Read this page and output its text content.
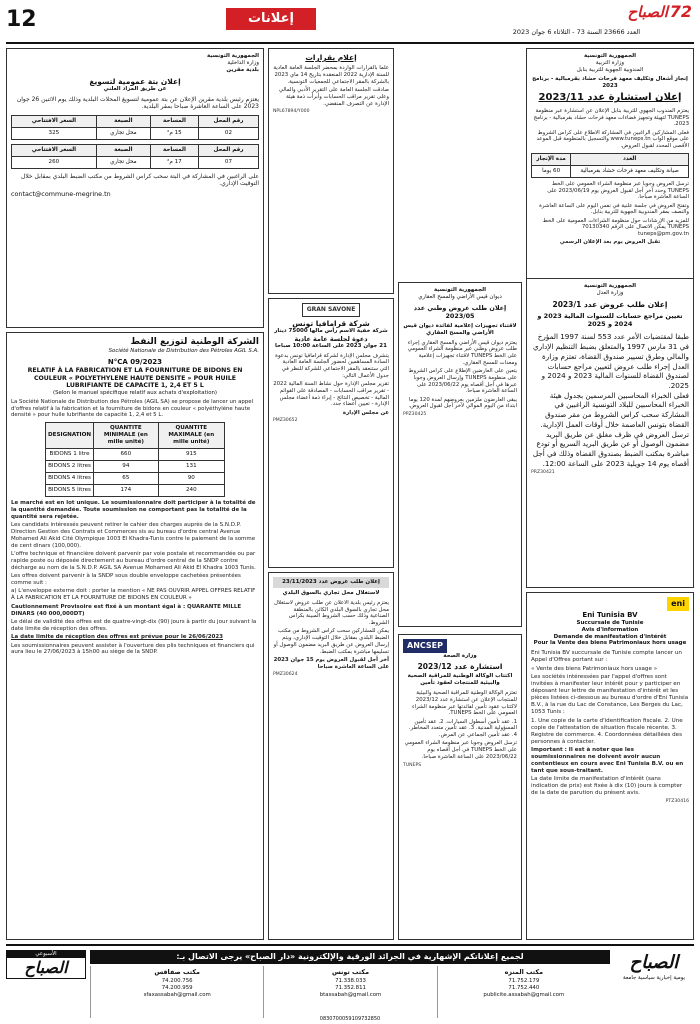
12	إعلانات
العدد 23666 السنة 73 - الثلاثاء 6 جوان 2023
72 الصباح
الجمهورية التونسية
وزارة التربية
المندوبية الجهوية للتربية بنابل
إنجاز أشغال وتكليف معهد فرحات حشاد بقرمبالية - برنامج 2023
إعلان استشارة عدد 2023/11

يعتزم المندوب الجهوي للتربية بنابل الإعلان عن استشارة عبر منظومة TUNEPS لتهيئة وتجهيز فضاءات معهد فرحات حشاد بقرمبالية - برنامج 2023.

فعلى المشاركين الراغبين في المشاركة الاطلاع على كراس الشروط على موقع الواب www.tuneps.tn والتسجيل بالمنظومة قبل الموعد الأقصى المحدد لقبول العروض.

العدد	مدة الإنجاز
صيانة وتكليف معهد فرحات حشاد بقرمبالية	60 يوما

ترسل العروض وجوبا عبر منظومة الشراء العمومي على الخط TUNEPS وحدد آخر أجل لقبول العروض يوم 2023/06/19 على الساعة العاشرة صباحا.

وتفتح العروض في جلسة علنية في نفس اليوم على الساعة العاشرة والنصف بمقر المندوبية الجهوية للتربية بنابل.

للمزيد من الإرشادات حول منظومة الشراءات العمومية على الخط TUNEPS يمكن الاتصال على الرقم 70130340 tuneps@pm.gov.tn

تقبل العروض يوم بعد الإعلان الرسمي

الجمهورية التونسية
وزارة العدل
إعلان طلب عروض عدد 2023/1
تعيين مراجع حسابات للسنوات المالية 2023 و 2024 و 2025

طبقا لمقتضيات الأمر عدد 553 لسنة 1997 المؤرخ في 31 مارس 1997 والمتعلق بضبط التنظيم الإداري والمالي وطرق تسيير صندوق القضاة، تعتزم وزارة العدل إجراء طلب عروض لتعيين مراجع حسابات لصندوق القضاة للسنوات المالية 2023 و 2024 و 2025.

فعلى الخبراء المحاسبين المرسمين بجدول هيئة الخبراء المحاسبين للبلاد التونسية الراغبين في المشاركة سحب كراس الشروط من مقر صندوق القضاة بتونس العاصمة خلال أوقات العمل الإدارية.

ترسل العروض في ظرف مغلق عن طريق البريد مضمون الوصول أو عن طريق البريد السريع أو تودع مباشرة بمكتب الضبط بصندوق القضاة وذلك في أجل أقصاه يوم 14 جويلية 2023 على الساعة 12:00.

PRZ30421
eni
Eni Tunisia BV
Succursale de Tunisie
Avis d'information
Demande de manifestation d'intérêt
Pour la Vente des biens Patrimoniaux hors usage

Eni Tunisia BV succursale de Tunisie compte lancer un Appel d'Offres portant sur :

« Vente des biens Patrimoniaux hors usage »

Les sociétés intéressées par l'appel d'offres sont invitées à manifester leur intérêt pour y participer en déposant leur lettre de manifestation d'intérêt et les pièces listées ci-dessous au bureau d'ordre d'Eni Tunisia B.V., à la rue du Lac de Constance, Les Berges du Lac, 1053 Tunis :

1. Une copie de la carte d'identification fiscale. 2. Une copie de l'attestation de situation fiscale récente. 3. Registre de commerce. 4. Coordonnées détaillées des personnes à contacter.

Important : Il est à noter que les soumissionnaires ne doivent avoir aucun contentieux en cours avec Eni Tunisia B.V. ou en tant que sous-traitant.

La date limite de manifestation d'intérêt (sans indication de prix) est fixée à dix (10) jours à compter de la date de parution du présent avis.

PTZ30416
الجمهورية التونسية
ديوان قيس الأراضي والمسح العقاري
إعلان طلب عروض وطني عدد 2023/05
لاقتناء تجهيزات إعلامية لفائدة ديوان قيس الأراضي والمسح العقاري

يعتزم ديوان قيس الأراضي والمسح العقاري إجراء طلب عروض وطني عبر منظومة الشراء العمومي على الخط TUNEPS لاقتناء تجهيزات إعلامية ومعدات للمسح العقاري.

يتعين على العارضين الإطلاع على كراس الشروط على منظومة TUNEPS وإرسال العروض وجوبا عبرها في أجل أقصاه يوم 2023/06/22 على الساعة العاشرة صباحا.

يبقى العارضون ملزمين بعروضهم لمدة 120 يوما ابتداء من اليوم الموالي لآخر أجل لقبول العروض.

PPZ30425
ANCSEP
وزارة الصحة
استشارة عدد 2023/12
اكتتاب الوكالة الوطنية للمراقبة الصحية والبيئية للمنتجات لعقود تأمين

تعتزم الوكالة الوطنية للمراقبة الصحية والبيئية للمنتجات الإعلان عن استشارة عدد 2023/12 لاكتتاب عقود تأمين لفائدتها عبر منظومة الشراء العمومي على الخط TUNEPS.

1. عقد تأمين أسطول السيارات. 2. عقد تأمين المسؤولية المدنية. 3. عقد تأمين متعدد المخاطر. 4. عقد تأمين الجماعي عن المرض.

ترسل العروض وجوبا عبر منظومة الشراء العمومي على الخط TUNEPS في أجل أقصاه يوم 2023/06/22 على الساعة العاشرة صباحا.

TUNEPS
إعلام بقرارات

علما بالقرارات الواردة بمحضر الجلسة العامة العادية للسنة الإدارية 2022 المنعقدة بتاريخ 14 ماي 2023 بالشركة بالمقر الاجتماعي للجمعيات التونسية.

صادقت الجلسة العامة على التقرير الأدبي والمالي وعلى تقرير مراقب الحسابات وأبرأت ذمة هيئة الإدارة عن التصرف المنقضي.

NPL67894/Y000
GRAN SAVONE
شركة قرامافيا تونس
شركة خفية الاسم رأس مالها 75000 دينار
دعوة لجلسة عامة عادية
21 جوان 2023 على الساعة 10:00 صباحا

يتشرف مجلس الإدارة لشركة قرامافيا تونس بدعوة السادة المساهمين لحضور الجلسة العامة العادية التي ستنعقد بالمقر الاجتماعي للشركة للنظر في جدول الأعمال التالي:

تقرير مجلس الإدارة حول نشاط السنة المالية 2022 - تقرير مراقب الحسابات - المصادقة على القوائم المالية - تخصيص النتائج - إبراء ذمة أعضاء مجلس الإدارة - تعيين أعضاء جدد.

عن مجلس الإدارة

PMZ30652
إعلان طلب عروض عدد 23/11/2023
لاستغلال محل تجاري بالسوق البلدي

يعتزم رئيس بلدية الاعلان عن طلب عروض لاستغلال محل تجاري بالسوق البلدي الكائن بالمنطقة الصناعية وذلك حسب الشروط المبينة بكراس الشروط.

يمكن للمشاركين سحب كراس الشروط من مكتب الضبط البلدي بمقابل خلال التوقيت الإداري، ويتم إرسال العروض عن طريق البريد مضمون الوصول أو تسليمها مباشرة بمكتب الضبط.

آخر أجل لقبول العروض يوم 15 جوان 2023 على الساعة العاشرة صباحا

PMZ30624
الجمهورية التونسية
وزارة الداخلية
بلدية مقرين
إعلان بتة عمومية لتسويغ
عن طريق المزاد العلني

يعتزم رئيس بلدية مقرين الإعلان عن بتة عمومية لتسويغ المحلات البلدية وذلك يوم الاثنين 26 جوان 2023 على الساعة العاشرة صباحا بمقر البلدية.

رقم المحل	المساحة	الصبغة	السعر الافتتاحي
02	15 م²	محل تجاري	325
رقم المحل	المساحة	الصبغة	السعر الافتتاحي
07	17 م²	محل تجاري	260

على الراغبين في المشاركة في البتة سحب كراس الشروط من مكتب الضبط البلدي بمقابل خلال التوقيت الإداري.

contact@commune-megrine.tn
الشركة الوطنية لتوزيع النفط
Société Nationale de Distribution des Pétroles AGIL S.A.
N°CA 09/2023
RELATIF À LA FABRICATION ET LA FOURNITURE DE BIDONS EN COULEUR « POLYETHYLENE HAUTE DENSITE » POUR HUILE LUBRIFIANTE DE CAPACITE 1, 2,4 ET 5 L
(Selon le manuel spécifique relatif aux achats d'exploitation)

La Société Nationale de Distribution des Pétroles (AGIL SA) se propose de lancer un appel d'offres relatif à la fabrication et la fourniture de bidons en couleur « polyéthylène haute densité » pour huile lubrifiante de capacité 1, 2,4 et 5 L.

DESIGNATION	QUANTITE MINIMALE (en mille unité)	QUANTITE MAXIMALE (en mille unité)
BIDONS 1 litre	660	915
BIDONS 2 litres	94	131
BIDONS 4 litres	65	90
BIDONS 5 litres	174	240

Le marché est en lot unique. Le soumissionnaire doit participer à la totalité de la quantité demandée. Toute soumission ne comportant pas la totalité de la quantité sera rejetée.

Les candidats intéressés peuvent retirer le cahier des charges auprès de la S.N.D.P. Direction Gestion des Contrats et Commerces sis au bureau d'ordre central Avenue Mohamed Ali Akid Cité Olympique 1003 El Khadra-Tunis contre le paiement de la somme de cent dinars (100,000).

L'offre technique et financière doivent parvenir par voie postale et recommandée ou par rapide poste ou déposée directement au bureau d'ordre central de la SNDP contre décharge au nom de la S.N.D.P. AGIL SA Avenue Mohamed Ali Akid El Khadra 1003 Tunis.

Les offres doivent parvenir à la SNDP sous double enveloppe cachetées présentées comme suit :

a) L'enveloppe externe doit : porter la mention « NE PAS OUVRIR APPEL OFFRES RELATIF À LA FABRICATION ET LA FOURNITURE DE BIDONS EN COULEUR »

Cautionnement Provisoire est fixé à un montant égal à : QUARANTE MILLE DINARS (40 000,000DT)

Le délai de validité des offres est de quatre-vingt-dix (90) jours à partir du jour suivant la date limite de réception des offres.

La date limite de réception des offres est prévue pour le 26/06/2023

Les soumissionnaires peuvent assister à l'ouverture des plis techniques et financiers qui aura lieu le 27/06/2023 à 15h00 au siège de la SNDP.

لجميع إعلاناتكم الإشهارية في الجرائد الورقية والإلكترونية «دار الصباح» يرجى الاتصال بـ:	الصباح
يومية إخبارية سياسية جامعة
الأسبوعي
الصباح	مكتب المنزه
71.752.179
71.752.440
publicite.assabah@gmail.com
مكتب تونس
71.338.033
71.352.811
btassabah@gmail.com
مكتب صفاقس
74.200.756
74.200.959
sfaxassabah@gmail.com
0830700059109732850
